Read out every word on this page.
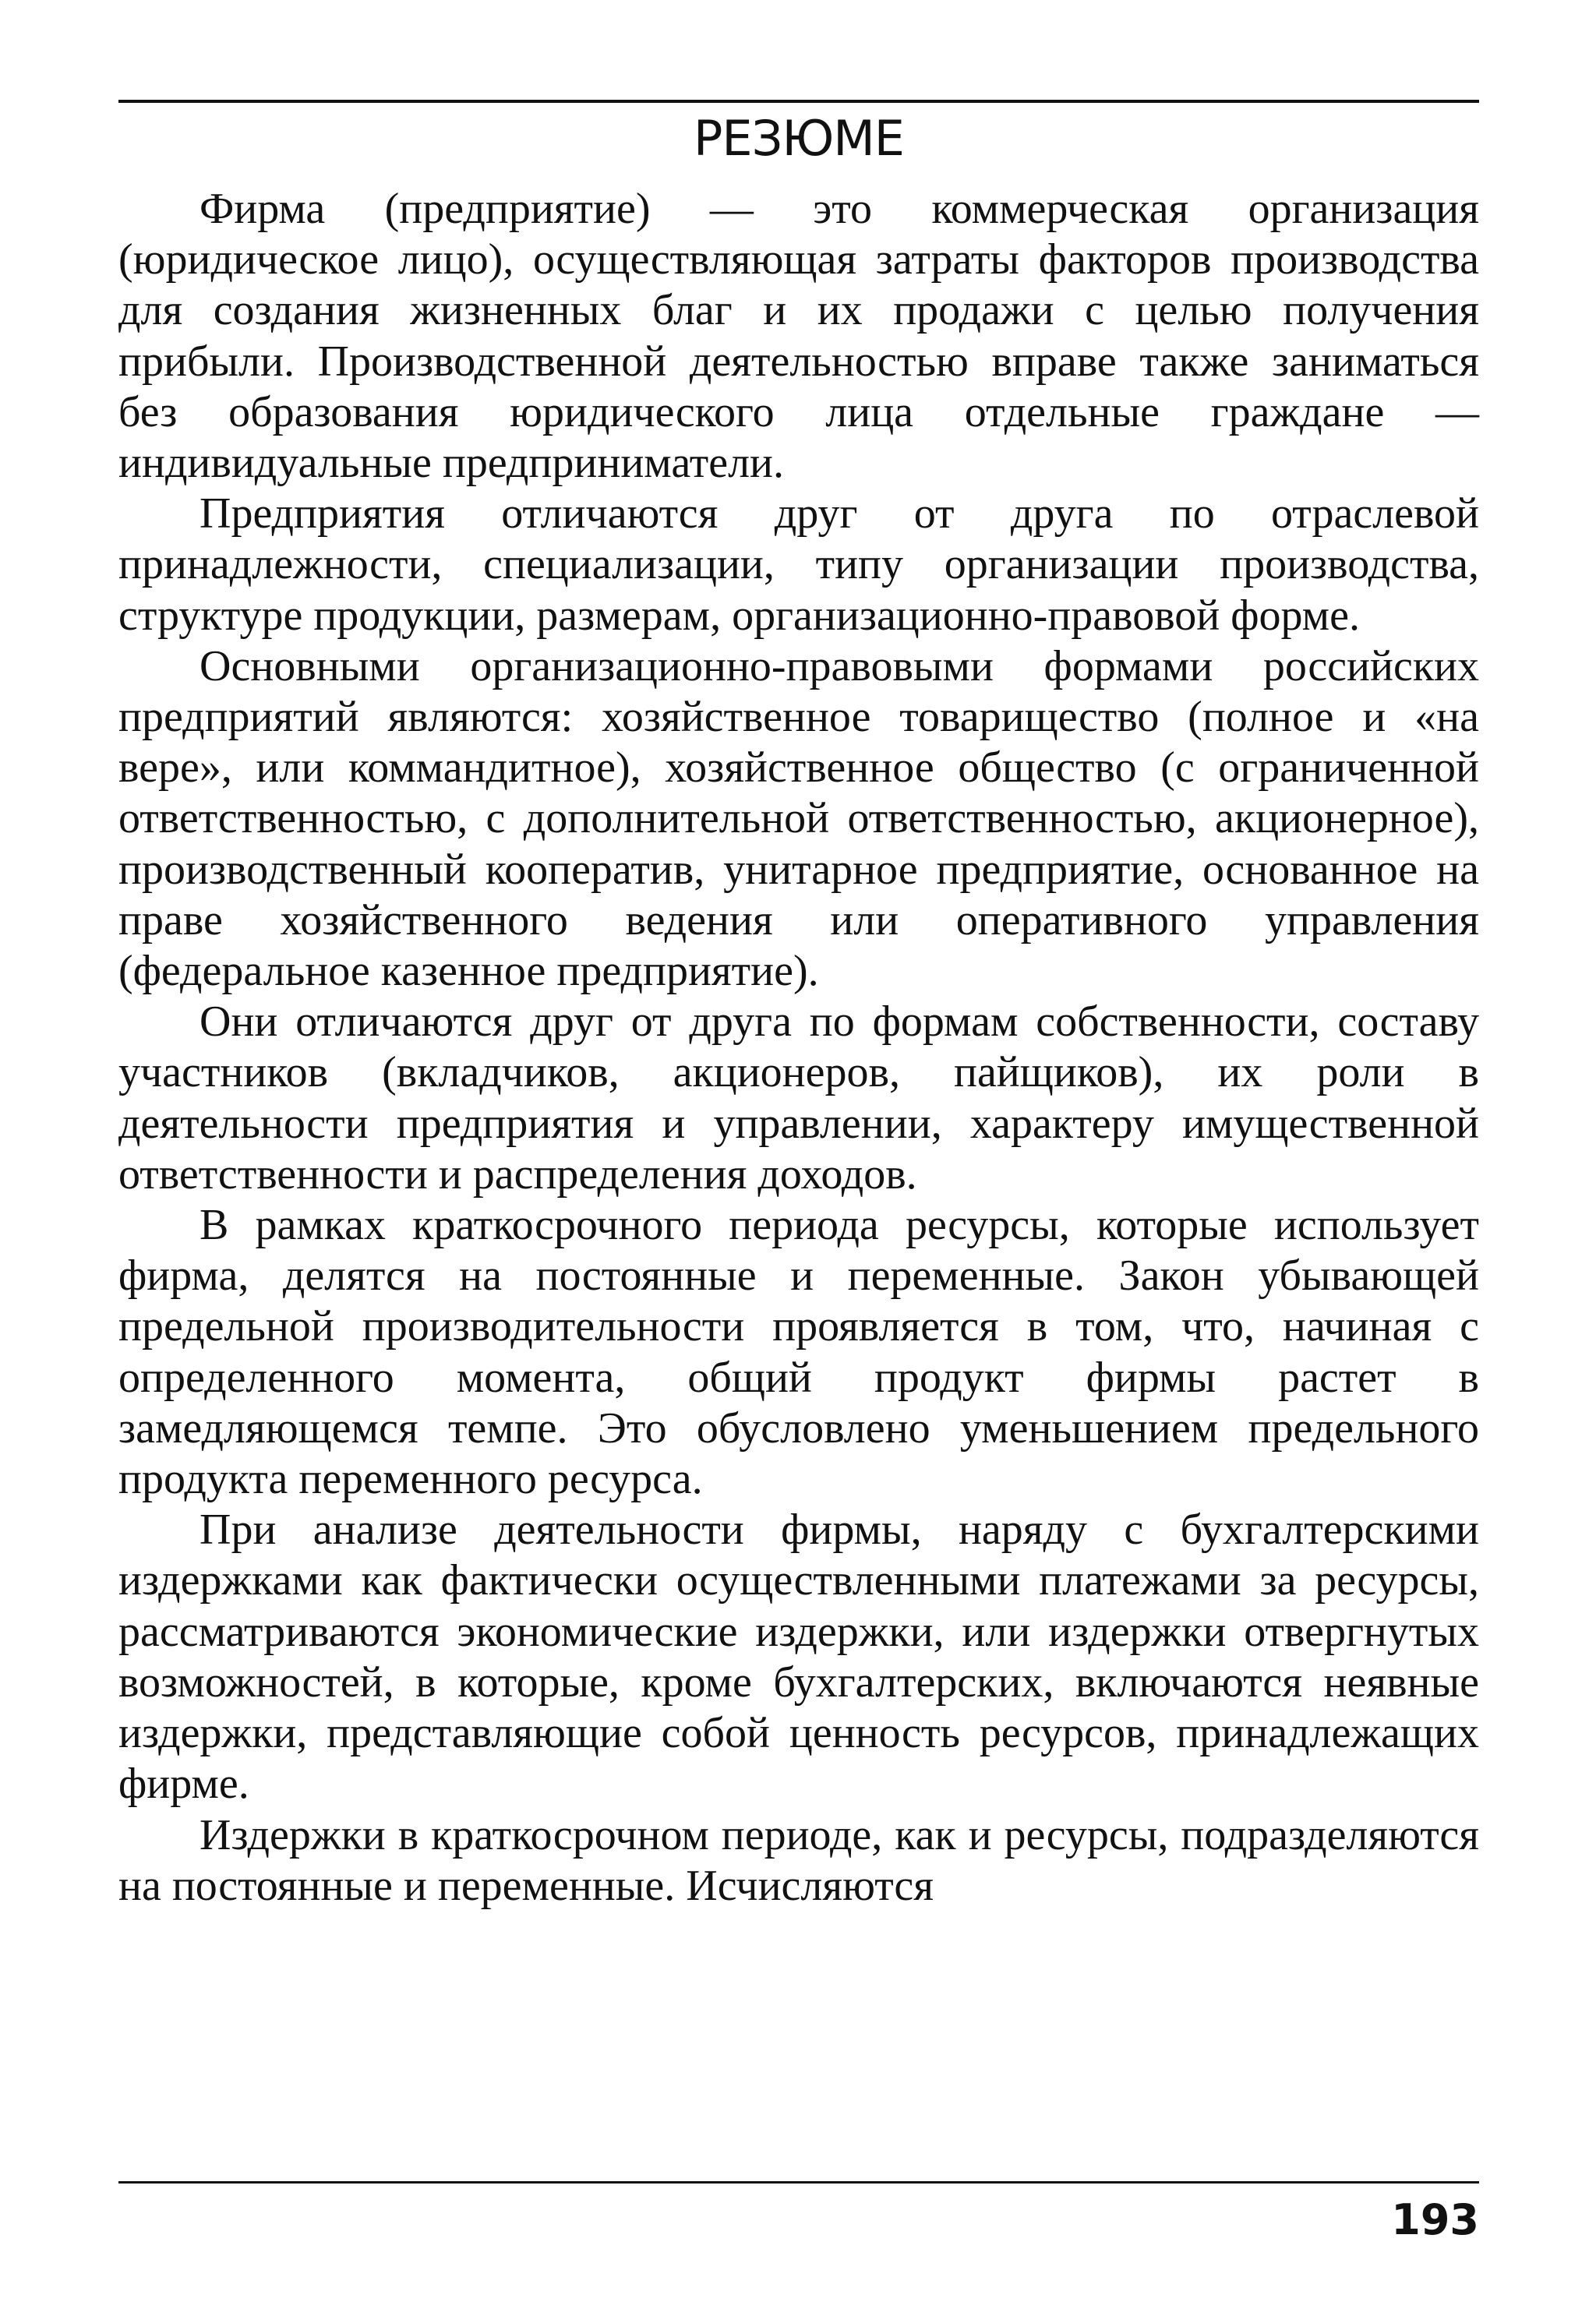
РЕЗЮМЕ

Фирма (предприятие) — это коммерческая организация (юридическое лицо), осуществляющая затраты факторов производства для создания жизненных благ и их продажи с целью получения прибыли. Производственной деятельностью вправе также заниматься без образования юридического лица отдельные граждане — индивидуальные предприниматели.

Предприятия отличаются друг от друга по отраслевой принадлежности, специализации, типу организации производства, структуре продукции, размерам, организационно-правовой форме.

Основными организационно-правовыми формами российских предприятий являются: хозяйственное товарищество (полное и «на вере», или коммандитное), хозяйственное общество (с ограниченной ответственностью, с дополнительной ответственностью, акционерное), производственный кооператив, унитарное предприятие, основанное на праве хозяйственного ведения или оперативного управления (федеральное казенное предприятие).

Они отличаются друг от друга по формам собственности, составу участников (вкладчиков, акционеров, пайщиков), их роли в деятельности предприятия и управлении, характеру имущественной ответственности и распределения доходов.

В рамках краткосрочного периода ресурсы, которые использует фирма, делятся на постоянные и переменные. Закон убывающей предельной производительности проявляется в том, что, начиная с определенного момента, общий продукт фирмы растет в замедляющемся темпе. Это обусловлено уменьшением предельного продукта переменного ресурса.

При анализе деятельности фирмы, наряду с бухгалтерскими издержками как фактически осуществленными платежами за ресурсы, рассматриваются экономические издержки, или издержки отвергнутых возможностей, в которые, кроме бухгалтерских, включаются неявные издержки, представляющие собой ценность ресурсов, принадлежащих фирме.

Издержки в краткосрочном периоде, как и ресурсы, подразделяются на постоянные и переменные. Исчисляются

193
